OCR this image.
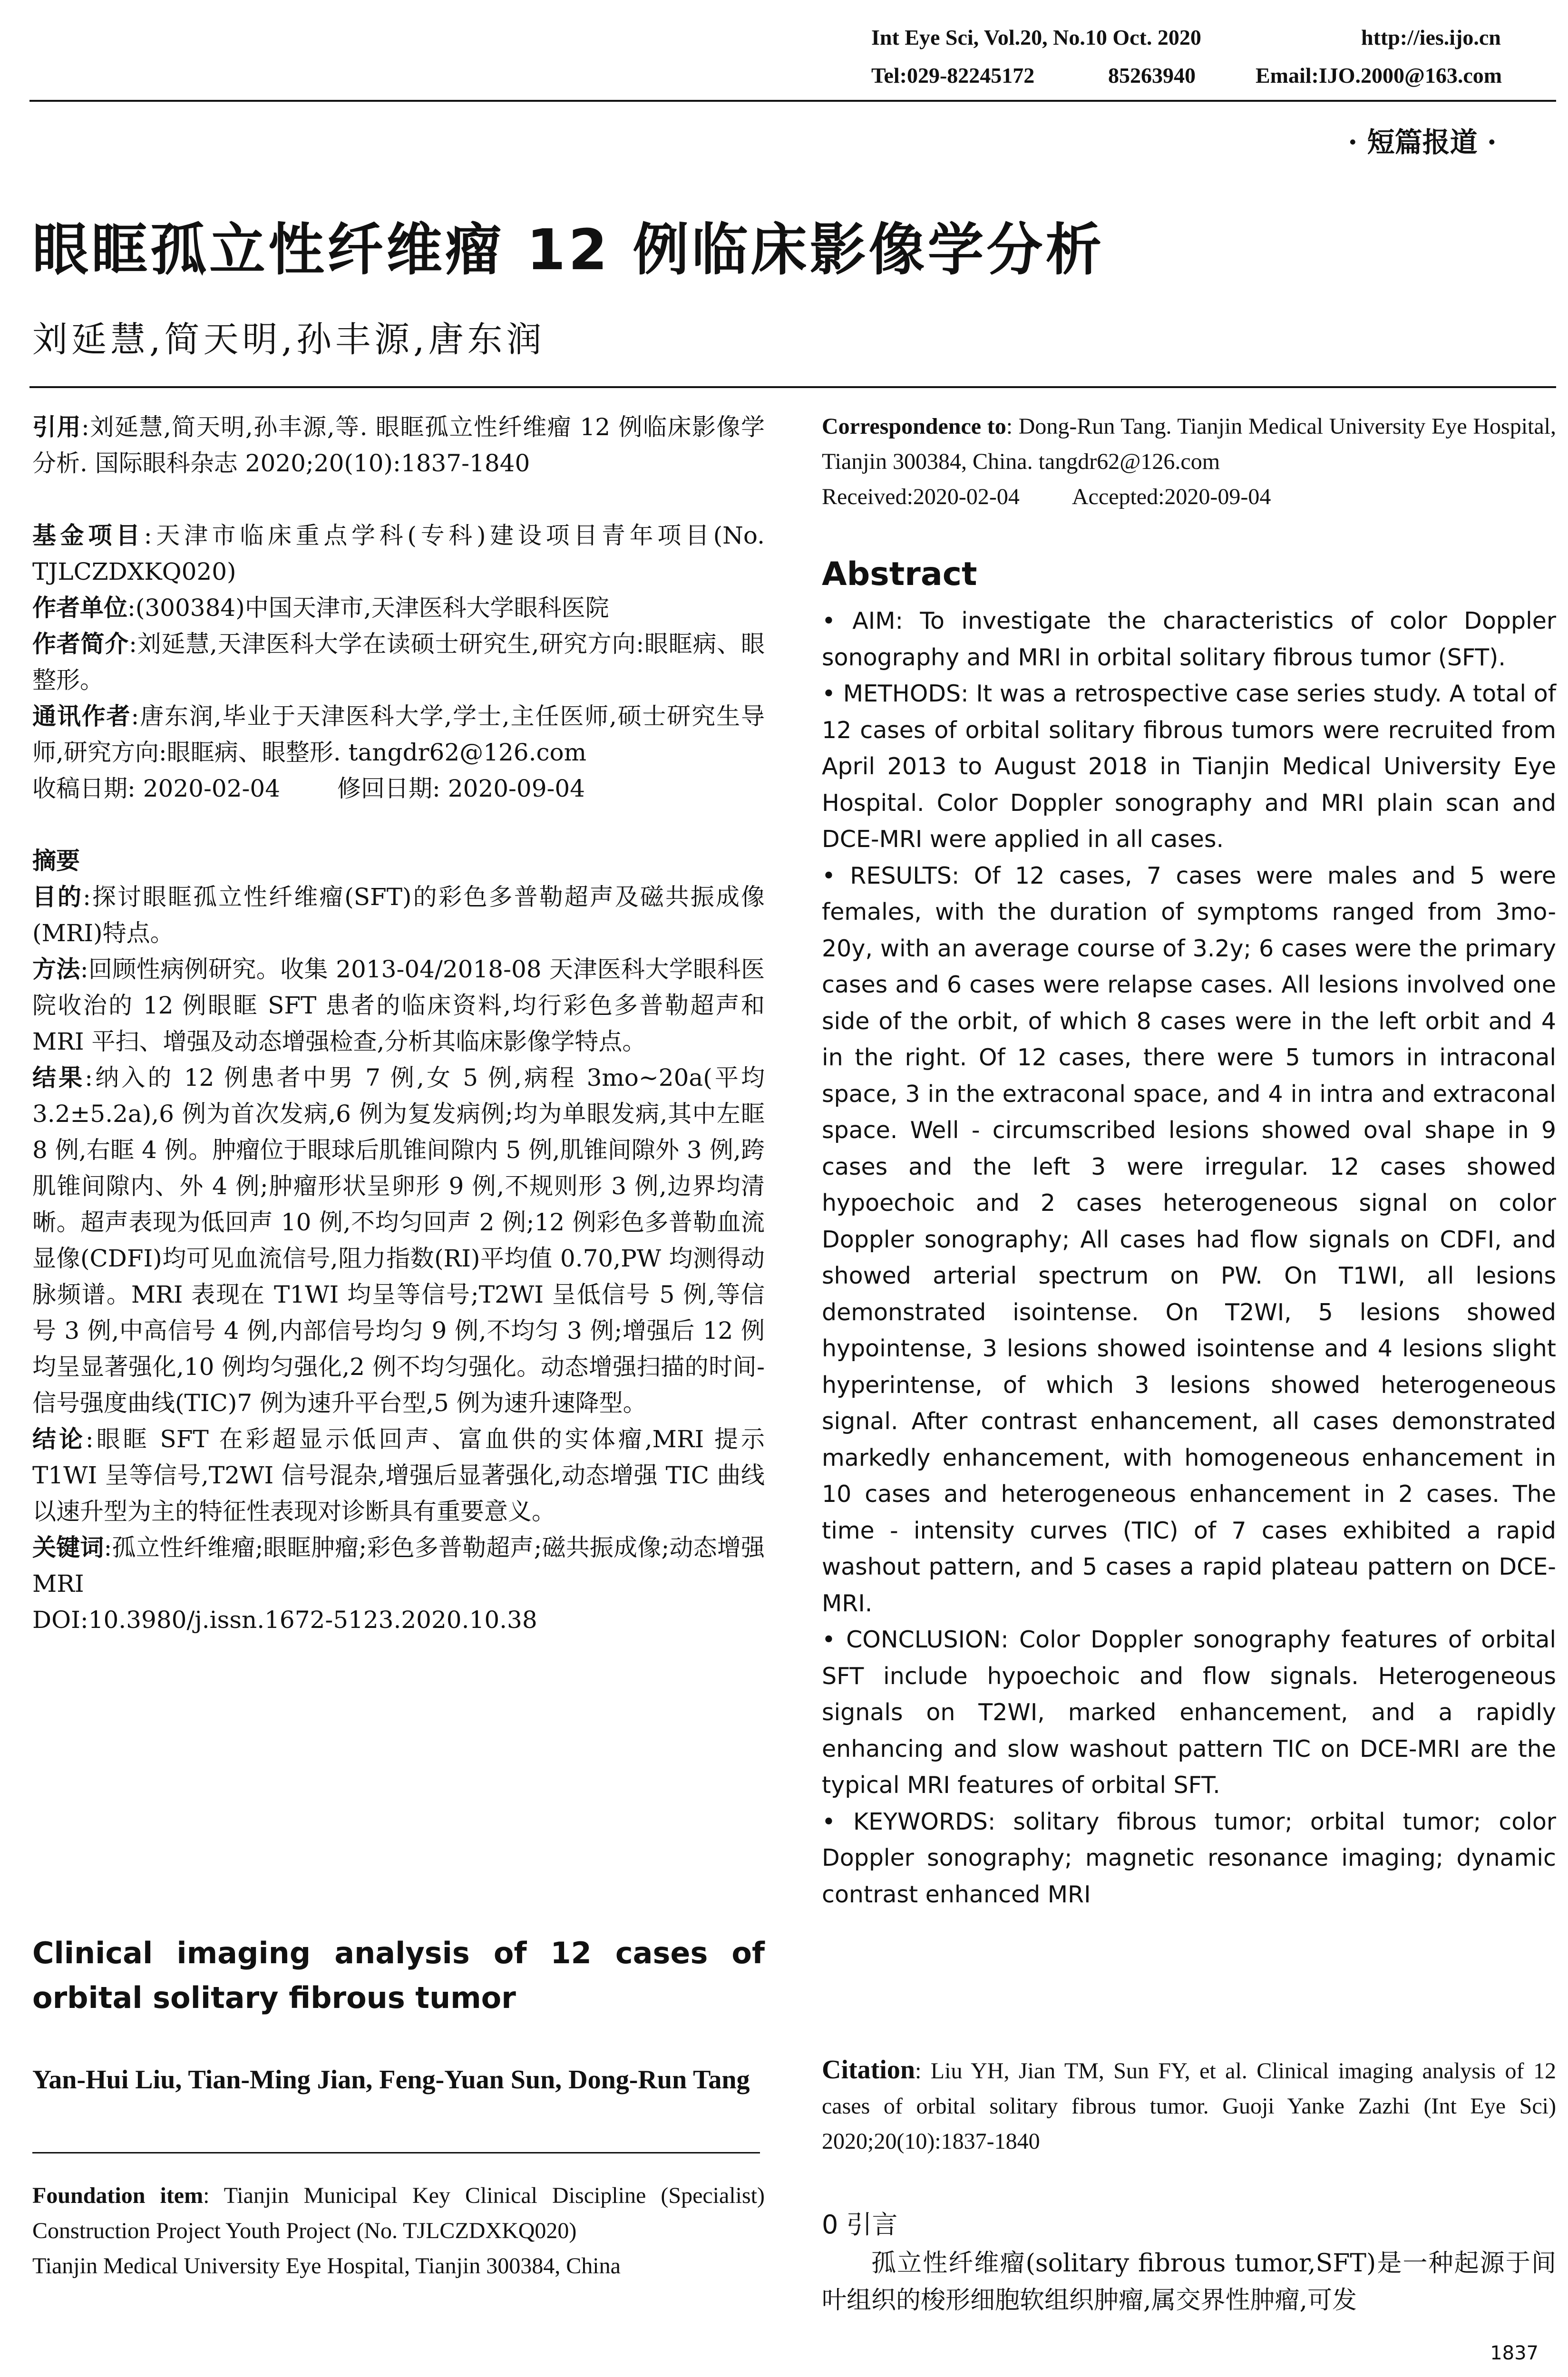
Int Eye Sci, Vol.20, No.10 Oct. 2020	http://ies.ijo.cn
Tel:029-82245172	85263940	Email:IJO.2000@163.com
· 短篇报道 ·
眼眶孤立性纤维瘤 12 例临床影像学分析
刘延慧,简天明,孙丰源,唐东润

引用:刘延慧,简天明,孙丰源,等. 眼眶孤立性纤维瘤 12 例临床影像学分析. 国际眼科杂志 2020;20(10):1837-1840

基金项目:天津市临床重点学科(专科)建设项目青年项目(No. TJLCZDXKQ020)

作者单位:(300384)中国天津市,天津医科大学眼科医院

作者简介:刘延慧,天津医科大学在读硕士研究生,研究方向:眼眶病、眼整形。

通讯作者:唐东润,毕业于天津医科大学,学士,主任医师,硕士研究生导师,研究方向:眼眶病、眼整形. tangdr62@126.com

收稿日期: 2020-02-04 修回日期: 2020-09-04

摘要

目的:探讨眼眶孤立性纤维瘤(SFT)的彩色多普勒超声及磁共振成像(MRI)特点。

方法:回顾性病例研究。收集 2013-04/2018-08 天津医科大学眼科医院收治的 12 例眼眶 SFT 患者的临床资料,均行彩色多普勒超声和 MRI 平扫、增强及动态增强检查,分析其临床影像学特点。

结果:纳入的 12 例患者中男 7 例,女 5 例,病程 3mo~20a(平均 3.2±5.2a),6 例为首次发病,6 例为复发病例;均为单眼发病,其中左眶 8 例,右眶 4 例。肿瘤位于眼球后肌锥间隙内 5 例,肌锥间隙外 3 例,跨肌锥间隙内、外 4 例;肿瘤形状呈卵形 9 例,不规则形 3 例,边界均清晰。超声表现为低回声 10 例,不均匀回声 2 例;12 例彩色多普勒血流显像(CDFI)均可见血流信号,阻力指数(RI)平均值 0.70,PW 均测得动脉频谱。MRI 表现在 T1WI 均呈等信号;T2WI 呈低信号 5 例,等信号 3 例,中高信号 4 例,内部信号均匀 9 例,不均匀 3 例;增强后 12 例均呈显著强化,10 例均匀强化,2 例不均匀强化。动态增强扫描的时间-信号强度曲线(TIC)7 例为速升平台型,5 例为速升速降型。

结论:眼眶 SFT 在彩超显示低回声、富血供的实体瘤,MRI 提示 T1WI 呈等信号,T2WI 信号混杂,增强后显著强化,动态增强 TIC 曲线以速升型为主的特征性表现对诊断具有重要意义。

关键词:孤立性纤维瘤;眼眶肿瘤;彩色多普勒超声;磁共振成像;动态增强 MRI

DOI:10.3980/j.issn.1672-5123.2020.10.38

Clinical imaging analysis of 12 cases of orbital solitary fibrous tumor
Yan-Hui Liu, Tian-Ming Jian, Feng-Yuan Sun, Dong-Run Tang

Foundation item: Tianjin Municipal Key Clinical Discipline (Specialist) Construction Project Youth Project (No. TJLCZDXKQ020)

Tianjin Medical University Eye Hospital, Tianjin 300384, China

Correspondence to: Dong-Run Tang. Tianjin Medical University Eye Hospital, Tianjin 300384, China. tangdr62@126.com

Received:2020-02-04 Accepted:2020-09-04

Abstract

• AIM: To investigate the characteristics of color Doppler sonography and MRI in orbital solitary fibrous tumor (SFT).

• METHODS: It was a retrospective case series study. A total of 12 cases of orbital solitary fibrous tumors were recruited from April 2013 to August 2018 in Tianjin Medical University Eye Hospital. Color Doppler sonography and MRI plain scan and DCE-MRI were applied in all cases.

• RESULTS: Of 12 cases, 7 cases were males and 5 were females, with the duration of symptoms ranged from 3mo-20y, with an average course of 3.2y; 6 cases were the primary cases and 6 cases were relapse cases. All lesions involved one side of the orbit, of which 8 cases were in the left orbit and 4 in the right. Of 12 cases, there were 5 tumors in intraconal space, 3 in the extraconal space, and 4 in intra and extraconal space. Well - circumscribed lesions showed oval shape in 9 cases and the left 3 were irregular. 12 cases showed hypoechoic and 2 cases heterogeneous signal on color Doppler sonography; All cases had flow signals on CDFI, and showed arterial spectrum on PW. On T1WI, all lesions demonstrated isointense. On T2WI, 5 lesions showed hypointense, 3 lesions showed isointense and 4 lesions slight hyperintense, of which 3 lesions showed heterogeneous signal. After contrast enhancement, all cases demonstrated markedly enhancement, with homogeneous enhancement in 10 cases and heterogeneous enhancement in 2 cases. The time - intensity curves (TIC) of 7 cases exhibited a rapid washout pattern, and 5 cases a rapid plateau pattern on DCE-MRI.

• CONCLUSION: Color Doppler sonography features of orbital SFT include hypoechoic and flow signals. Heterogeneous signals on T2WI, marked enhancement, and a rapidly enhancing and slow washout pattern TIC on DCE-MRI are the typical MRI features of orbital SFT.

• KEYWORDS: solitary fibrous tumor; orbital tumor; color Doppler sonography; magnetic resonance imaging; dynamic contrast enhanced MRI

Citation: Liu YH, Jian TM, Sun FY, et al. Clinical imaging analysis of 12 cases of orbital solitary fibrous tumor. Guoji Yanke Zazhi (Int Eye Sci) 2020;20(10):1837-1840

0 引言
孤立性纤维瘤(solitary fibrous tumor,SFT)是一种起源于间叶组织的梭形细胞软组织肿瘤,属交界性肿瘤,可发
1837
